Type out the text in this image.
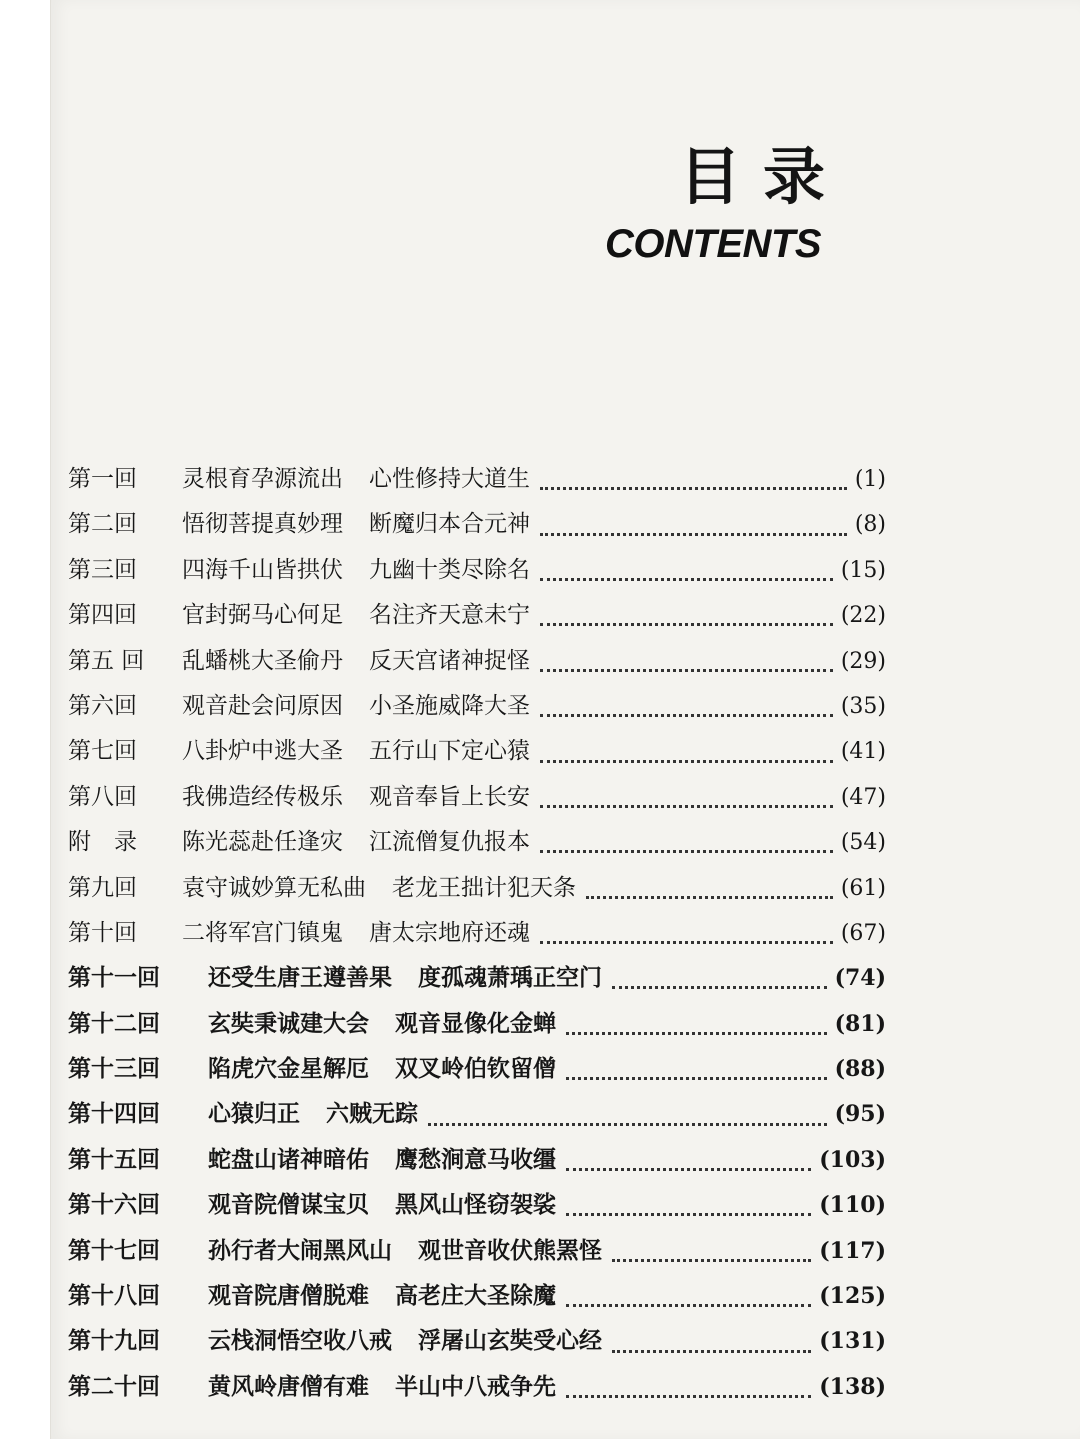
目录
CONTENTS
第一回	灵根育孕源流出 心性修持大道生	(1)
第二回	悟彻菩提真妙理 断魔归本合元神	(8)
第三回	四海千山皆拱伏 九幽十类尽除名	(15)
第四回	官封弼马心何足 名注齐天意未宁	(22)
第五 回	乱蟠桃大圣偷丹 反天宫诸神捉怪	(29)
第六回	观音赴会问原因 小圣施威降大圣	(35)
第七回	八卦炉中逃大圣 五行山下定心猿	(41)
第八回	我佛造经传极乐 观音奉旨上长安	(47)
附　录	陈光蕊赴任逢灾 江流僧复仇报本	(54)
第九回	袁守诚妙算无私曲 老龙王拙计犯天条	(61)
第十回	二将军宫门镇鬼 唐太宗地府还魂	(67)
第十一回	还受生唐王遵善果 度孤魂萧瑀正空门	(74)
第十二回	玄奘秉诚建大会 观音显像化金蝉	(81)
第十三回	陷虎穴金星解厄 双叉岭伯钦留僧	(88)
第十四回	心猿归正 六贼无踪	(95)
第十五回	蛇盘山诸神暗佑 鹰愁涧意马收缰	(103)
第十六回	观音院僧谋宝贝 黑风山怪窃袈裟	(110)
第十七回	孙行者大闹黑风山 观世音收伏熊罴怪	(117)
第十八回	观音院唐僧脱难 高老庄大圣除魔	(125)
第十九回	云栈洞悟空收八戒 浮屠山玄奘受心经	(131)
第二十回	黄风岭唐僧有难 半山中八戒争先	(138)
